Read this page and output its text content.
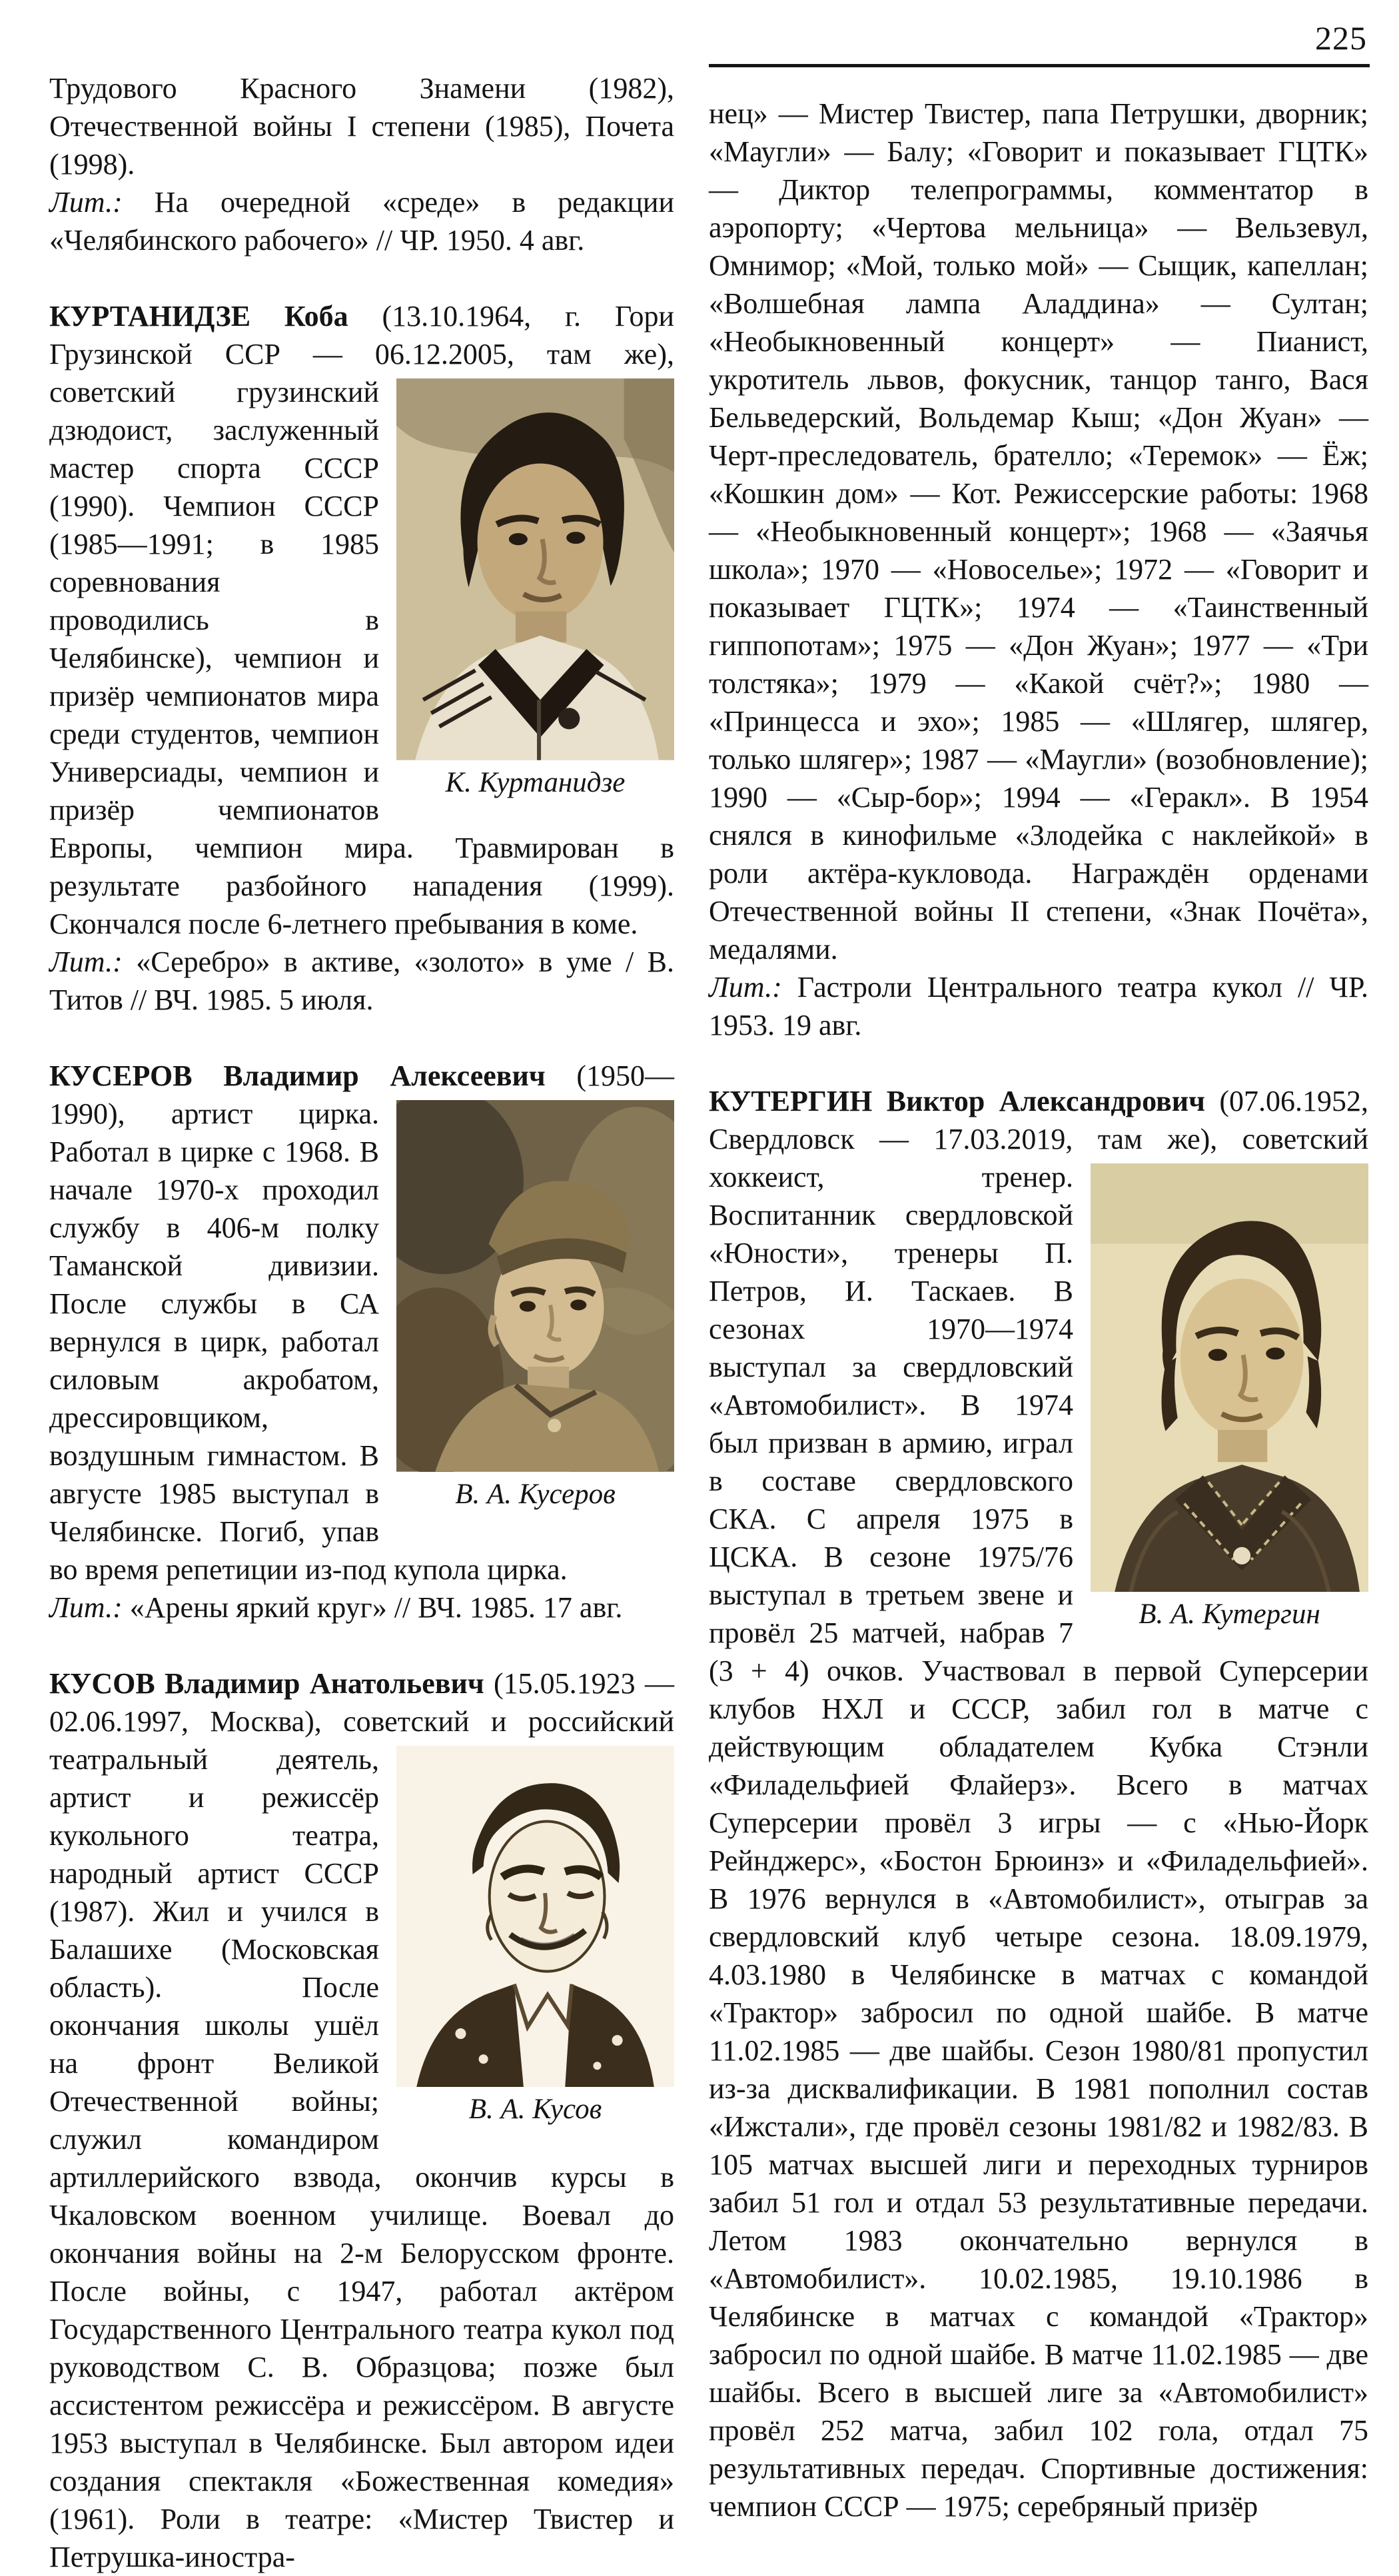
225

Трудового Красного Знамени (1982), Отечественной войны I степени (1985), Почета (1998).

Лит.: На очередной «среде» в редакции «Челябинского рабочего» // ЧР. 1950. 4 авг.

КУРТАНИДЗЕ Коба (13.10.1964, г. Гори Грузинской ССР — 06.12.2005, там же), советский
К. Куртанидзе
грузинский дзюдоист, заслуженный мастер спорта СССР (1990). Чемпион СССР (1985—1991; в 1985 соревнования проводились в Челябинске), чемпион и призёр чемпионатов мира среди студентов, чемпион Универсиады, чемпион и призёр чемпионатов Европы, чемпион мира. Травмирован в результате разбойного нападения (1999). Скончался после 6-летнего пребывания в коме.

Лит.: «Серебро» в активе, «золото» в уме / В. Титов // ВЧ. 1985. 5 июля.

КУСЕРОВ Владимир Алексеевич (1950—1990),
В. А. Кусеров
артист цирка. Работал в цирке с 1968. В начале 1970-х проходил службу в 406-м полку Таманской дивизии. После службы в СА вернулся в цирк, работал силовым акробатом, дрессировщиком, воздушным гимнастом. В августе 1985 выступал в Челябинске. Погиб, упав во время репетиции из-под купола цирка.

Лит.: «Арены яркий круг» // ВЧ. 1985. 17 авг.

КУСОВ Владимир Анатольевич (15.05.1923 — 02.06.1997, Москва), советский и российский
В. А. Кусов
театральный деятель, артист и режиссёр кукольного театра, народный артист СССР (1987). Жил и учился в Балашихе (Московская область). После окончания школы ушёл на фронт Великой Отечественной войны; служил командиром артиллерийского взвода, окончив курсы в Чкаловском военном училище. Воевал до окончания войны на 2-м Белорусском фронте. После войны, с 1947, работал актёром Государственного Центрального театра кукол под руководством С. В. Образцова; позже был ассистентом режиссёра и режиссёром. В августе 1953 выступал в Челябинске. Был автором идеи создания спектакля «Божественная комедия» (1961). Роли в театре: «Мистер Твистер и Петрушка-иностра-

нец» — Мистер Твистер, папа Петрушки, дворник; «Маугли» — Балу; «Говорит и показывает ГЦТК» — Диктор телепрограммы, комментатор в аэропорту; «Чертова мельница» — Вельзевул, Омнимор; «Мой, только мой» — Сыщик, капеллан; «Волшебная лампа Аладдина» — Султан; «Необыкновенный концерт» — Пианист, укротитель львов, фокусник, танцор танго, Вася Бельведерский, Вольдемар Кыш; «Дон Жуан» — Черт-преследователь, брателло; «Теремок» — Ёж; «Кошкин дом» — Кот. Режиссерские работы: 1968 — «Необыкновенный концерт»; 1968 — «Заячья школа»; 1970 — «Новоселье»; 1972 — «Говорит и показывает ГЦТК»; 1974 — «Таинственный гиппопотам»; 1975 — «Дон Жуан»; 1977 — «Три толстяка»; 1979 — «Какой счёт?»; 1980 — «Принцесса и эхо»; 1985 — «Шлягер, шлягер, только шлягер»; 1987 — «Маугли» (возобновление); 1990 — «Сыр-бор»; 1994 — «Геракл». В 1954 снялся в кинофильме «Злодейка с наклейкой» в роли актёра-кукловода. Награждён орденами Отечественной войны II степени, «Знак Почёта», медалями.

Лит.: Гастроли Центрального театра кукол // ЧР. 1953. 19 авг.

КУТЕРГИН Виктор Александрович (07.06.1952, Свердловск — 17.03.2019, там же), советский
В. А. Кутергин
хоккеист, тренер. Воспитанник свердловской «Юности», тренеры П. Петров, И. Таскаев. В сезонах 1970—1974 выступал за свердловский «Автомобилист». В 1974 был призван в армию, играл в составе свердловского СКА. С апреля 1975 в ЦСКА. В сезоне 1975/76 выступал в третьем звене и провёл 25 матчей, набрав 7 (3 + 4) очков. Участвовал в первой Суперсерии клубов НХЛ и СССР, забил гол в матче с действующим обладателем Кубка Стэнли «Филадельфией Флайерз». Всего в матчах Суперсерии провёл 3 игры — с «Нью-Йорк Рейнджерс», «Бостон Брюинз» и «Филадельфией». В 1976 вернулся в «Автомобилист», отыграв за свердловский клуб четыре сезона. 18.09.1979, 4.03.1980 в Челябинске в матчах с командой «Трактор» забросил по одной шайбе. В матче 11.02.1985 — две шайбы. Сезон 1980/81 пропустил из-за дисквалификации. В 1981 пополнил состав «Ижстали», где провёл сезоны 1981/82 и 1982/83. В 105 матчах высшей лиги и переходных турниров забил 51 гол и отдал 53 результативные передачи. Летом 1983 окончательно вернулся в «Автомобилист». 10.02.1985, 19.10.1986 в Челябинске в матчах с командой «Трактор» забросил по одной шайбе. В матче 11.02.1985 — две шайбы. Всего в высшей лиге за «Автомобилист» провёл 252 матча, забил 102 гола, отдал 75 результативных передач. Спортивные достижения: чемпион СССР — 1975; серебряный призёр
